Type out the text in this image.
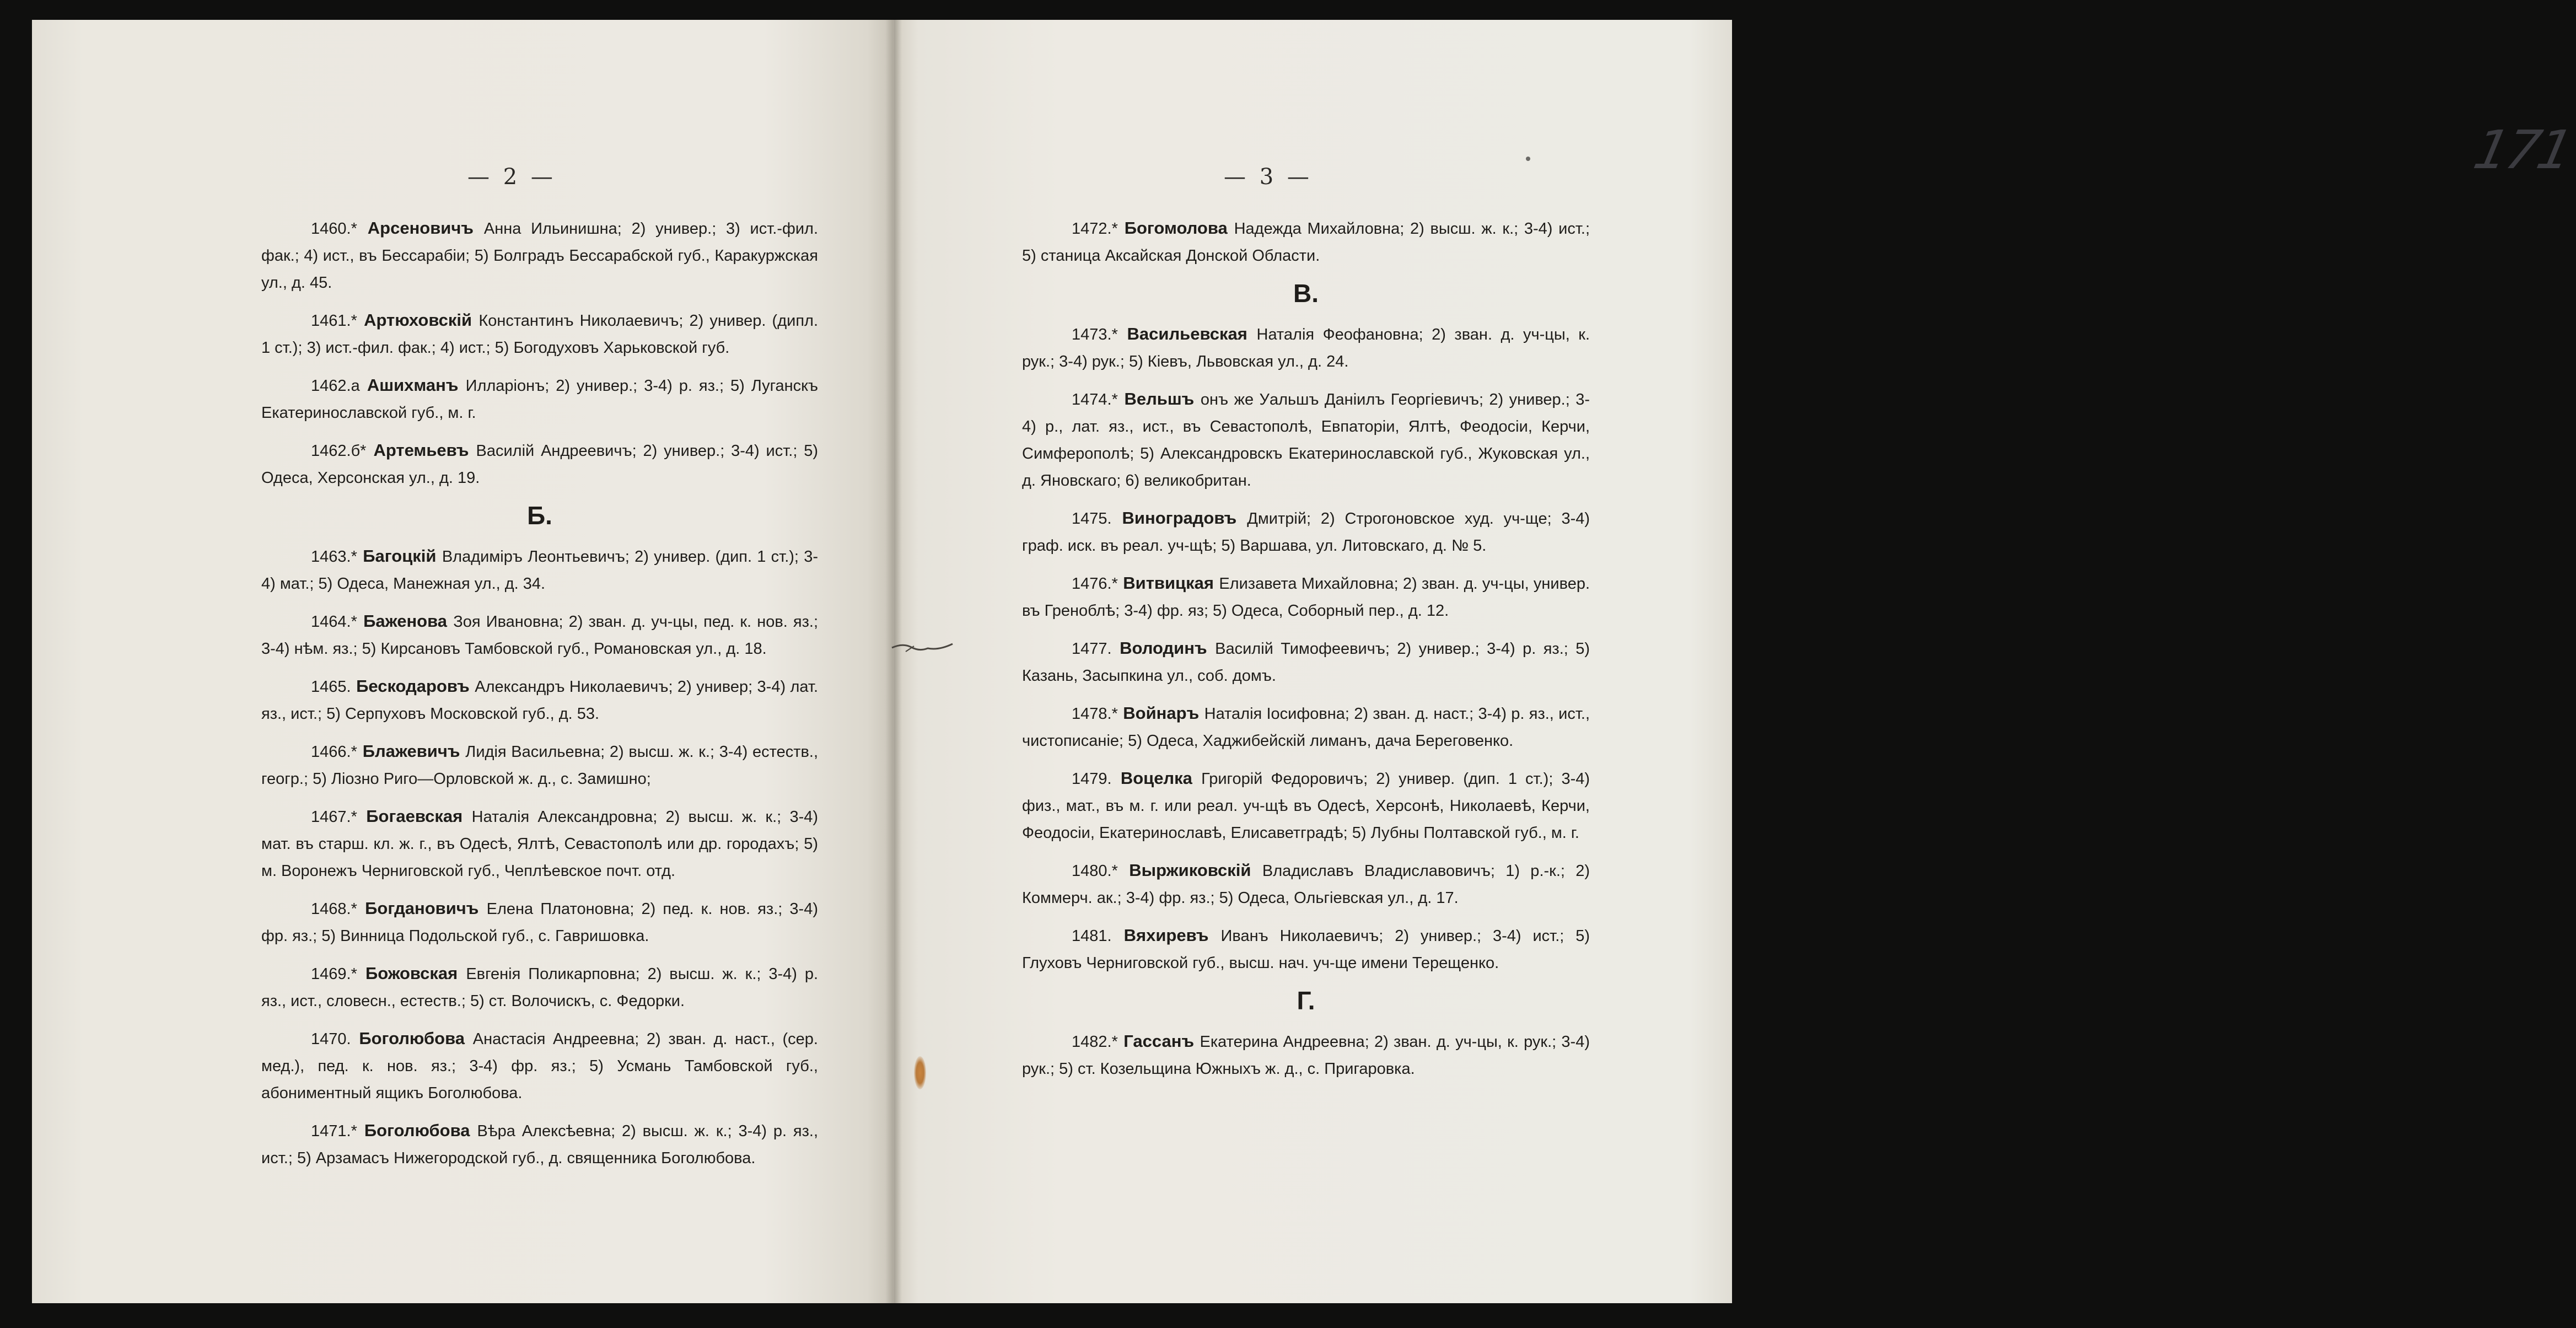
— 2 —	171
— 3 —
1460.* Арсеновичъ Анна Ильинишна; 2) универ.; 3) ист.-фил. фак.; 4) ист., въ Бессарабіи; 5) Болградъ Бессарабской губ., Каракуржская ул., д. 45.
1461.* Артюховскій Константинъ Николаевичъ; 2) универ. (дипл. 1 ст.); 3) ист.-фил. фак.; 4) ист.; 5) Богодуховъ Харьковской губ.
1462.а Ашихманъ Илларіонъ; 2) универ.; 3-4) р. яз.; 5) Луганскъ Екатеринославской губ., м. г.
1462.б* Артемьевъ Василій Андреевичъ; 2) универ.; 3-4) ист.; 5) Одеса, Херсонская ул., д. 19.
Б.
1463.* Багоцкій Владиміръ Леонтьевичъ; 2) универ. (дип. 1 ст.); 3-4) мат.; 5) Одеса, Манежная ул., д. 34.
1464.* Баженова Зоя Ивановна; 2) зван. д. уч-цы, пед. к. нов. яз.; 3-4) нѣм. яз.; 5) Кирсановъ Тамбовской губ., Романовская ул., д. 18.
1465. Бескодаровъ Александръ Николаевичъ; 2) универ; 3-4) лат. яз., ист.; 5) Серпуховъ Московской губ., д. 53.
1466.* Блажевичъ Лидія Васильевна; 2) высш. ж. к.; 3-4) естеств., геогр.; 5) Ліозно Риго—Орловской ж. д., с. Замишно;
1467.* Богаевская Наталія Александровна; 2) высш. ж. к.; 3-4) мат. въ старш. кл. ж. г., въ Одесѣ, Ялтѣ, Севастополѣ или др. городахъ; 5) м. Воронежъ Черниговской губ., Чеплѣевское почт. отд.
1468.* Богдановичъ Елена Платоновна; 2) пед. к. нов. яз.; 3-4) фр. яз.; 5) Винница Подольской губ., с. Гавришовка.
1469.* Божовская Евгенія Поликарповна; 2) высш. ж. к.; 3-4) р. яз., ист., словесн., естеств.; 5) ст. Волочискъ, с. Федорки.
1470. Боголюбова Анастасія Андреевна; 2) зван. д. наст., (сер. мед.), пед. к. нов. яз.; 3-4) фр. яз.; 5) Усмань Тамбовской губ., абониментный ящикъ Боголюбова.
1471.* Боголюбова Вѣра Алексѣевна; 2) высш. ж. к.; 3-4) р. яз., ист.; 5) Арзамасъ Нижегородской губ., д. священника Боголюбова.
1472.* Богомолова Надежда Михайловна; 2) высш. ж. к.; 3-4) ист.; 5) станица Аксайская Донской Области.
В.
1473.* Васильевская Наталія Феофановна; 2) зван. д. уч-цы, к. рук.; 3-4) рук.; 5) Кіевъ, Львовская ул., д. 24.
1474.* Вельшъ онъ же Уальшъ Даніилъ Георгіевичъ; 2) универ.; 3-4) р., лат. яз., ист., въ Севастополѣ, Евпаторіи, Ялтѣ, Феодосіи, Керчи, Симферополѣ; 5) Александровскъ Екатеринославской губ., Жуковская ул., д. Яновскаго; 6) великобритан.
1475. Виноградовъ Дмитрій; 2) Строгоновское худ. уч-ще; 3-4) граф. иск. въ реал. уч-щѣ; 5) Варшава, ул. Литовскаго, д. № 5.
1476.* Витвицкая Елизавета Михайловна; 2) зван. д. уч-цы, универ. въ Греноблѣ; 3-4) фр. яз; 5) Одеса, Соборный пер., д. 12.
1477. Володинъ Василій Тимофеевичъ; 2) универ.; 3-4) р. яз.; 5) Казань, Засыпкина ул., соб. домъ.
1478.* Войнаръ Наталія Іосифовна; 2) зван. д. наст.; 3-4) р. яз., ист., чистописаніе; 5) Одеса, Хаджибейскій лиманъ, дача Береговенко.
1479. Воцелка Григорій Федоровичъ; 2) универ. (дип. 1 ст.); 3-4) физ., мат., въ м. г. или реал. уч-щѣ въ Одесѣ, Херсонѣ, Николаевѣ, Керчи, Феодосіи, Екатеринославѣ, Елисаветградѣ; 5) Лубны Полтавской губ., м. г.
1480.* Выржиковскій Владиславъ Владиславовичъ; 1) р.-к.; 2) Коммерч. ак.; 3-4) фр. яз.; 5) Одеса, Ольгіевская ул., д. 17.
1481. Вяхиревъ Иванъ Николаевичъ; 2) универ.; 3-4) ист.; 5) Глуховъ Черниговской губ., высш. нач. уч-ще имени Терещенко.
Г.
1482.* Гассанъ Екатерина Андреевна; 2) зван. д. уч-цы, к. рук.; 3-4) рук.; 5) ст. Козельщина Южныхъ ж. д., с. Пригаровка.
